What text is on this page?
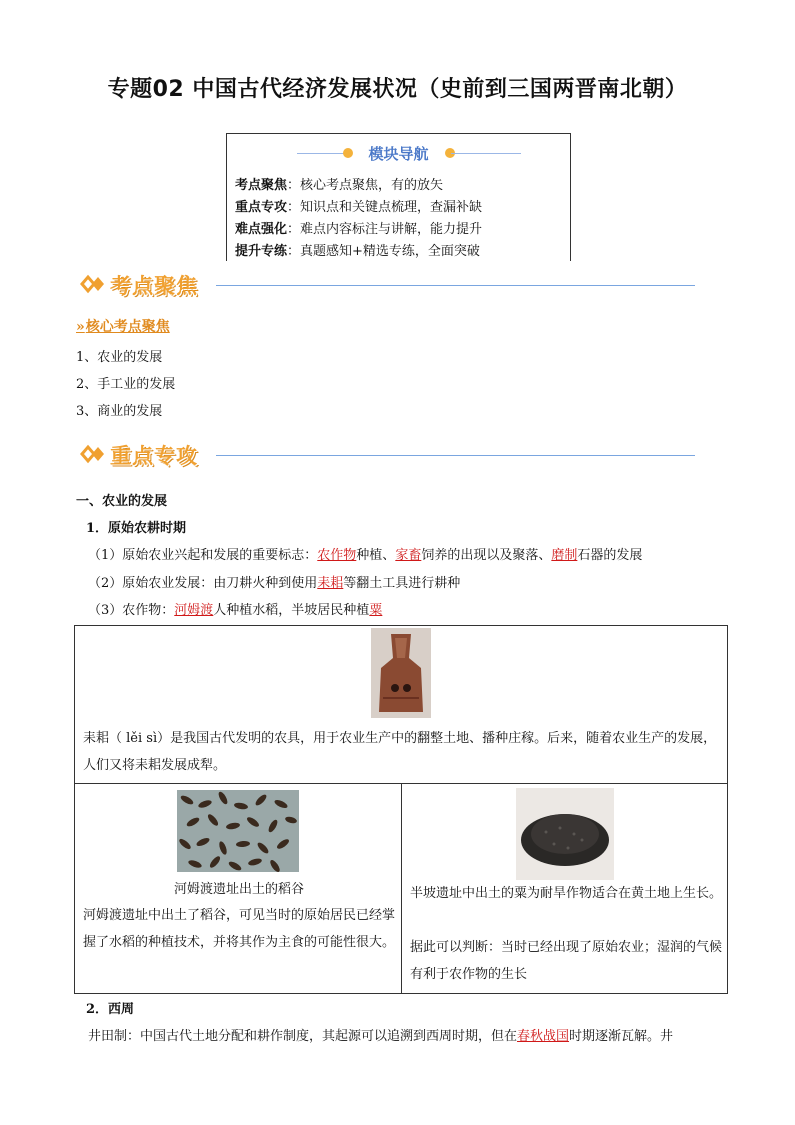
专题02 中国古代经济发展状况（史前到三国两晋南北朝）
模块导航
考点聚焦：核心考点聚焦，有的放矢
重点专攻：知识点和关键点梳理，查漏补缺
难点强化：难点内容标注与讲解，能力提升
提升专练：真题感知+精选专练，全面突破
考点聚焦
»核心考点聚焦
1、农业的发展
2、手工业的发展
3、商业的发展
重点专攻
一、农业的发展
1．原始农耕时期
（1）原始农业兴起和发展的重要标志：农作物种植、家畜饲养的出现以及聚落、磨制石器的发展
（2）原始农业发展：由刀耕火种到使用耒耜等翻土工具进行耕种
（3）农作物：河姆渡人种植水稻，半坡居民种植粟
耒耜（ lěi sì）是我国古代发明的农具，用于农业生产中的翻整土地、播种庄稼。后来，随着农业生产的发展，人们又将耒耜发展成犁。
河姆渡遗址出土的稻谷
河姆渡遗址中出土了稻谷，可见当时的原始居民已经掌握了水稻的种植技术，并将其作为主食的可能性很大。
半坡遗址中出土的粟为耐旱作物适合在黄土地上生长。
据此可以判断：当时已经出现了原始农业；湿润的气候有利于农作物的生长
2．西周
井田制：中国古代土地分配和耕作制度，其起源可以追溯到西周时期，但在春秋战国时期逐渐瓦解。井
